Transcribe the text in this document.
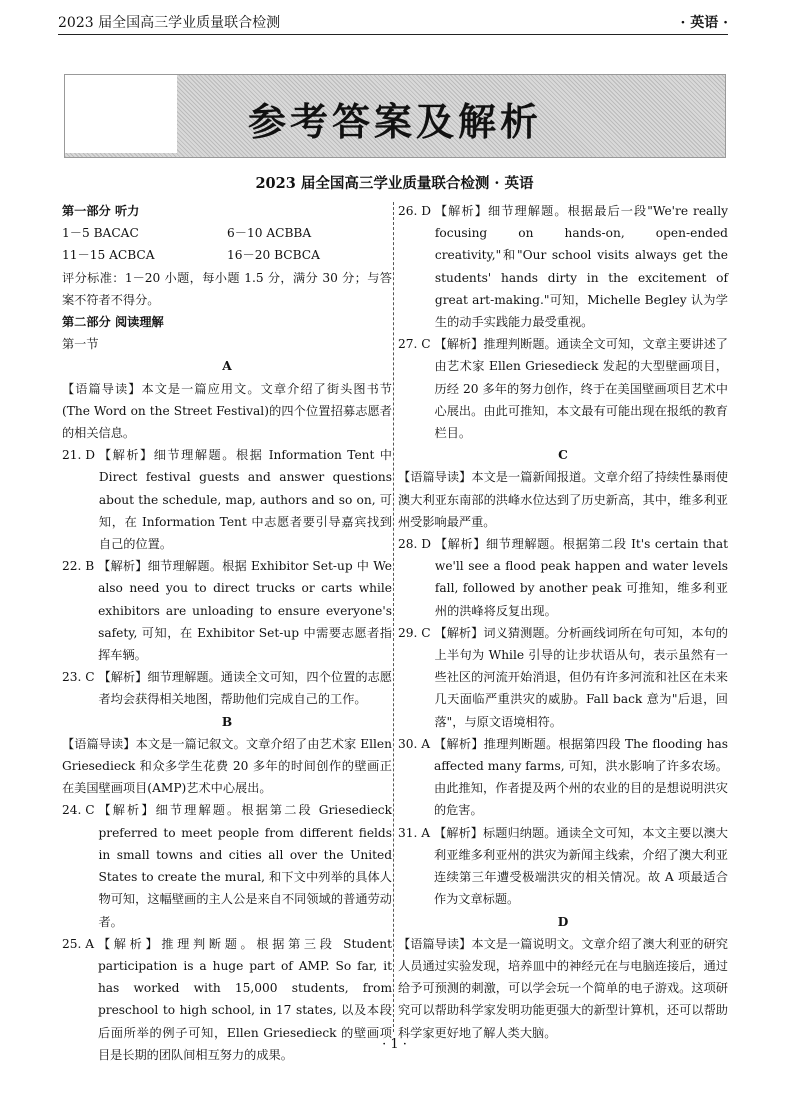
2023 届全国高三学业质量联合检测	· 英语 ·
参考答案及解析
2023 届全国高三学业质量联合检测 · 英语
第一部分 听力
1－5 BACAC	6－10 ACBBA
11－15 ACBCA	16－20 BCBCA
评分标准：1－20 小题，每小题 1.5 分，满分 30 分；与答案不符者不得分。
第二部分 阅读理解
第一节
A
【语篇导读】本文是一篇应用文。文章介绍了街头图书节(The Word on the Street Festival)的四个位置招募志愿者的相关信息。
21. D 【解析】细节理解题。根据 Information Tent 中 Direct festival guests and answer questions about the schedule, map, authors and so on, 可知，在 Information Tent 中志愿者要引导嘉宾找到自己的位置。
22. B 【解析】细节理解题。根据 Exhibitor Set-up 中 We also need you to direct trucks or carts while exhibitors are unloading to ensure everyone's safety, 可知，在 Exhibitor Set-up 中需要志愿者指挥车辆。
23. C 【解析】细节理解题。通读全文可知，四个位置的志愿者均会获得相关地图，帮助他们完成自己的工作。
B
【语篇导读】本文是一篇记叙文。文章介绍了由艺术家 Ellen Griesedieck 和众多学生花费 20 多年的时间创作的壁画正在美国壁画项目(AMP)艺术中心展出。
24. C 【解析】细节理解题。根据第二段 Griesedieck preferred to meet people from different fields in small towns and cities all over the United States to create the mural, 和下文中列举的具体人物可知，这幅壁画的主人公是来自不同领域的普通劳动者。
25. A 【解析】推理判断题。根据第三段 Student participation is a huge part of AMP. So far, it has worked with 15,000 students, from preschool to high school, in 17 states, 以及本段后面所举的例子可知，Ellen Griesedieck 的壁画项目是长期的团队间相互努力的成果。
26. D 【解析】细节理解题。根据最后一段"We're really focusing on hands-on, open-ended creativity,"和"Our school visits always get the students' hands dirty in the excitement of great art-making."可知，Michelle Begley 认为学生的动手实践能力最受重视。
27. C 【解析】推理判断题。通读全文可知，文章主要讲述了由艺术家 Ellen Griesedieck 发起的大型壁画项目，历经 20 多年的努力创作，终于在美国壁画项目艺术中心展出。由此可推知，本文最有可能出现在报纸的教育栏目。
C
【语篇导读】本文是一篇新闻报道。文章介绍了持续性暴雨使澳大利亚东南部的洪峰水位达到了历史新高，其中，维多利亚州受影响最严重。
28. D 【解析】细节理解题。根据第二段 It's certain that we'll see a flood peak happen and water levels fall, followed by another peak 可推知，维多利亚州的洪峰将反复出现。
29. C 【解析】词义猜测题。分析画线词所在句可知，本句的上半句为 While 引导的让步状语从句，表示虽然有一些社区的河流开始消退，但仍有许多河流和社区在未来几天面临严重洪灾的威胁。Fall back 意为"后退，回落"，与原文语境相符。
30. A 【解析】推理判断题。根据第四段 The flooding has affected many farms, 可知，洪水影响了许多农场。由此推知，作者提及两个州的农业的目的是想说明洪灾的危害。
31. A 【解析】标题归纳题。通读全文可知，本文主要以澳大利亚维多利亚州的洪灾为新闻主线索，介绍了澳大利亚连续第三年遭受极端洪灾的相关情况。故 A 项最适合作为文章标题。
D
【语篇导读】本文是一篇说明文。文章介绍了澳大利亚的研究人员通过实验发现，培养皿中的神经元在与电脑连接后，通过给予可预测的刺激，可以学会玩一个简单的电子游戏。这项研究可以帮助科学家发明功能更强大的新型计算机，还可以帮助科学家更好地了解人类大脑。
· 1 ·
